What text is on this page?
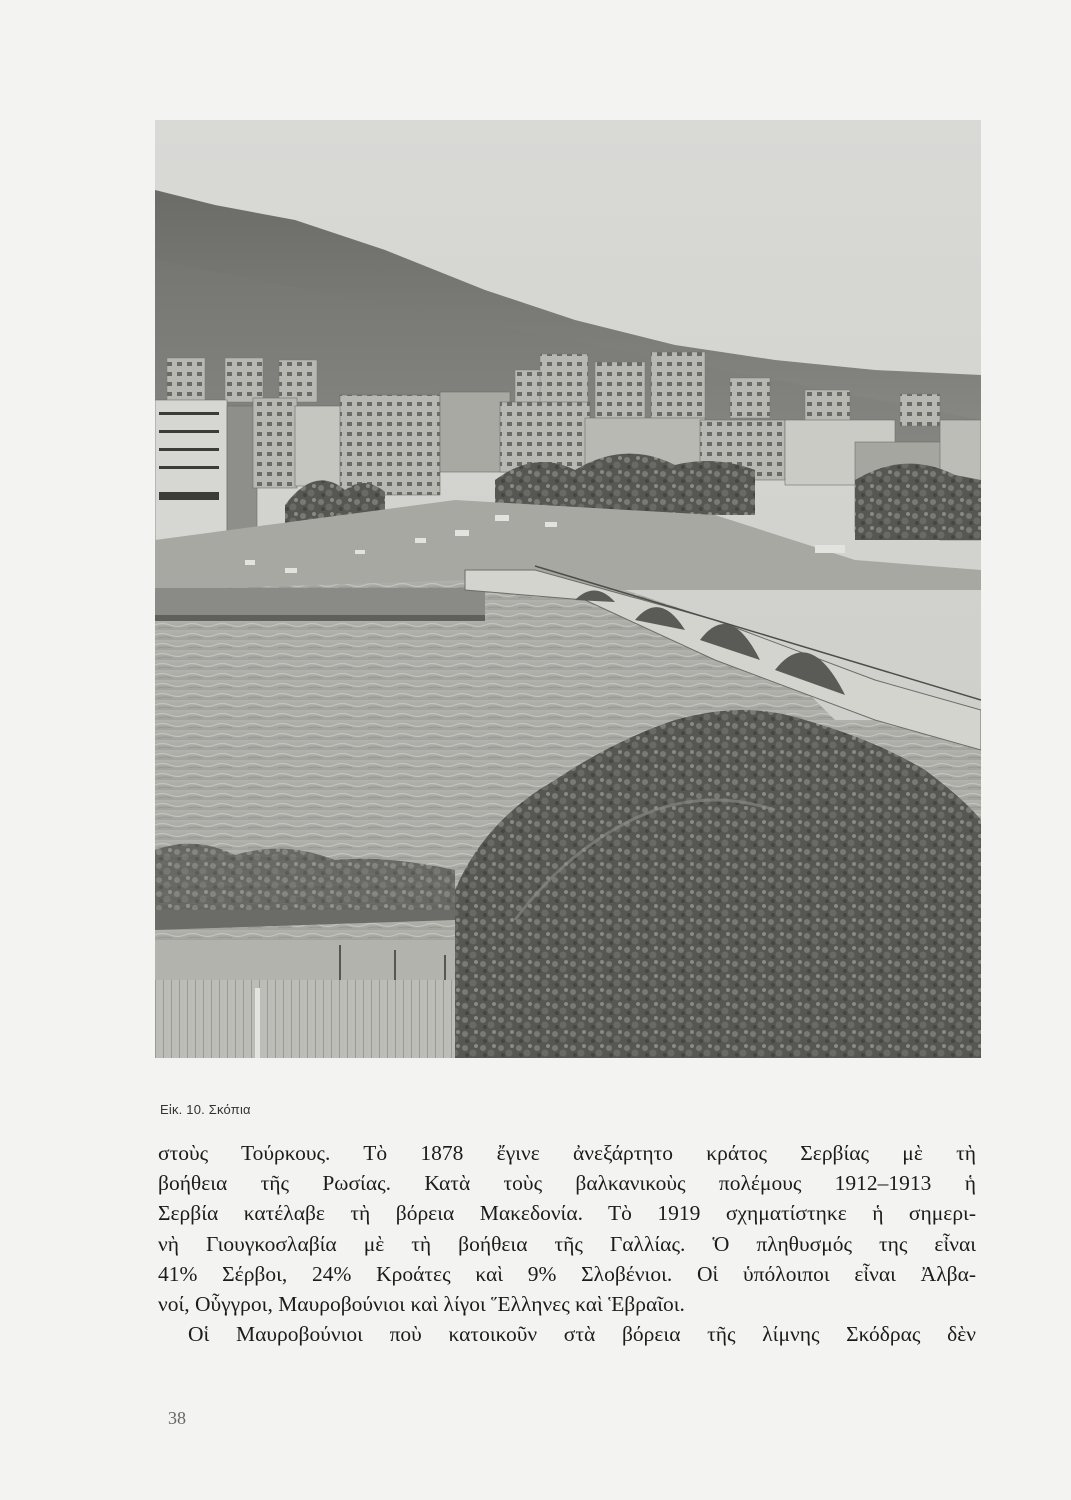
Εἰκ. 10. Σκόπια
στοὺς Τούρκους. Τὸ 1878 ἔγινε ἀνεξάρτητο κράτος Σερβίας μὲ τὴ
βοήθεια τῆς Ρωσίας. Κατὰ τοὺς βαλκανικοὺς πολέμους 1912–1913 ἡ
Σερβία κατέλαβε τὴ βόρεια Μακεδονία. Τὸ 1919 σχηματίστηκε ἡ σημερι-
νὴ Γιουγκοσλαβία μὲ τὴ βοήθεια τῆς Γαλλίας. Ὁ πληθυσμός της εἶναι
41% Σέρβοι, 24% Κροάτες καὶ 9% Σλοβένιοι. Οἱ ὑπόλοιποι εἶναι Ἀλβα-
νοί, Οὗγγροι, Μαυροβούνιοι καὶ λίγοι Ἕλληνες καὶ Ἑβραῖοι.
Οἱ Μαυροβούνιοι ποὺ κατοικοῦν στὰ βόρεια τῆς λίμνης Σκόδρας δὲν
38
